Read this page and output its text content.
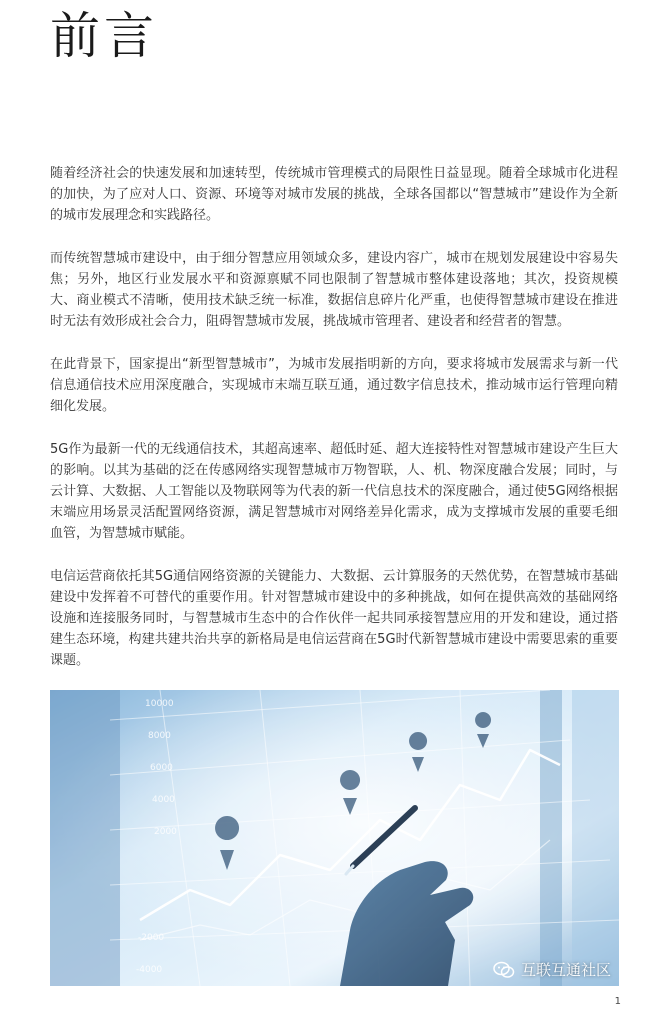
前言

随着经济社会的快速发展和加速转型，传统城市管理模式的局限性日益显现。随着全球城市化进程的加快，为了应对人口、资源、环境等对城市发展的挑战，全球各国都以“智慧城市”建设作为全新的城市发展理念和实践路径。

而传统智慧城市建设中，由于细分智慧应用领域众多，建设内容广，城市在规划发展建设中容易失焦；另外，地区行业发展水平和资源禀赋不同也限制了智慧城市整体建设落地；其次，投资规模大、商业模式不清晰，使用技术缺乏统一标准，数据信息碎片化严重，也使得智慧城市建设在推进时无法有效形成社会合力，阻碍智慧城市发展，挑战城市管理者、建设者和经营者的智慧。

在此背景下，国家提出“新型智慧城市”，为城市发展指明新的方向，要求将城市发展需求与新一代信息通信技术应用深度融合，实现城市末端互联互通，通过数字信息技术，推动城市运行管理向精细化发展。

5G作为最新一代的无线通信技术，其超高速率、超低时延、超大连接特性对智慧城市建设产生巨大的影响。以其为基础的泛在传感网络实现智慧城市万物智联，人、机、物深度融合发展；同时，与云计算、大数据、人工智能以及物联网等为代表的新一代信息技术的深度融合，通过使5G网络根据末端应用场景灵活配置网络资源，满足智慧城市对网络差异化需求，成为支撑城市发展的重要毛细血管，为智慧城市赋能。

电信运营商依托其5G通信网络资源的关键能力、大数据、云计算服务的天然优势，在智慧城市基础建设中发挥着不可替代的重要作用。针对智慧城市建设中的多种挑战，如何在提供高效的基础网络设施和连接服务同时，与智慧城市生态中的合作伙伴一起共同承接智慧应用的开发和建设，通过搭建生态环境，构建共建共治共享的新格局是电信运营商在5G时代新智慧城市建设中需要思索的重要课题。

10000
8000
6000
4000
2000
-2000
-4000	互联互通社区
1
